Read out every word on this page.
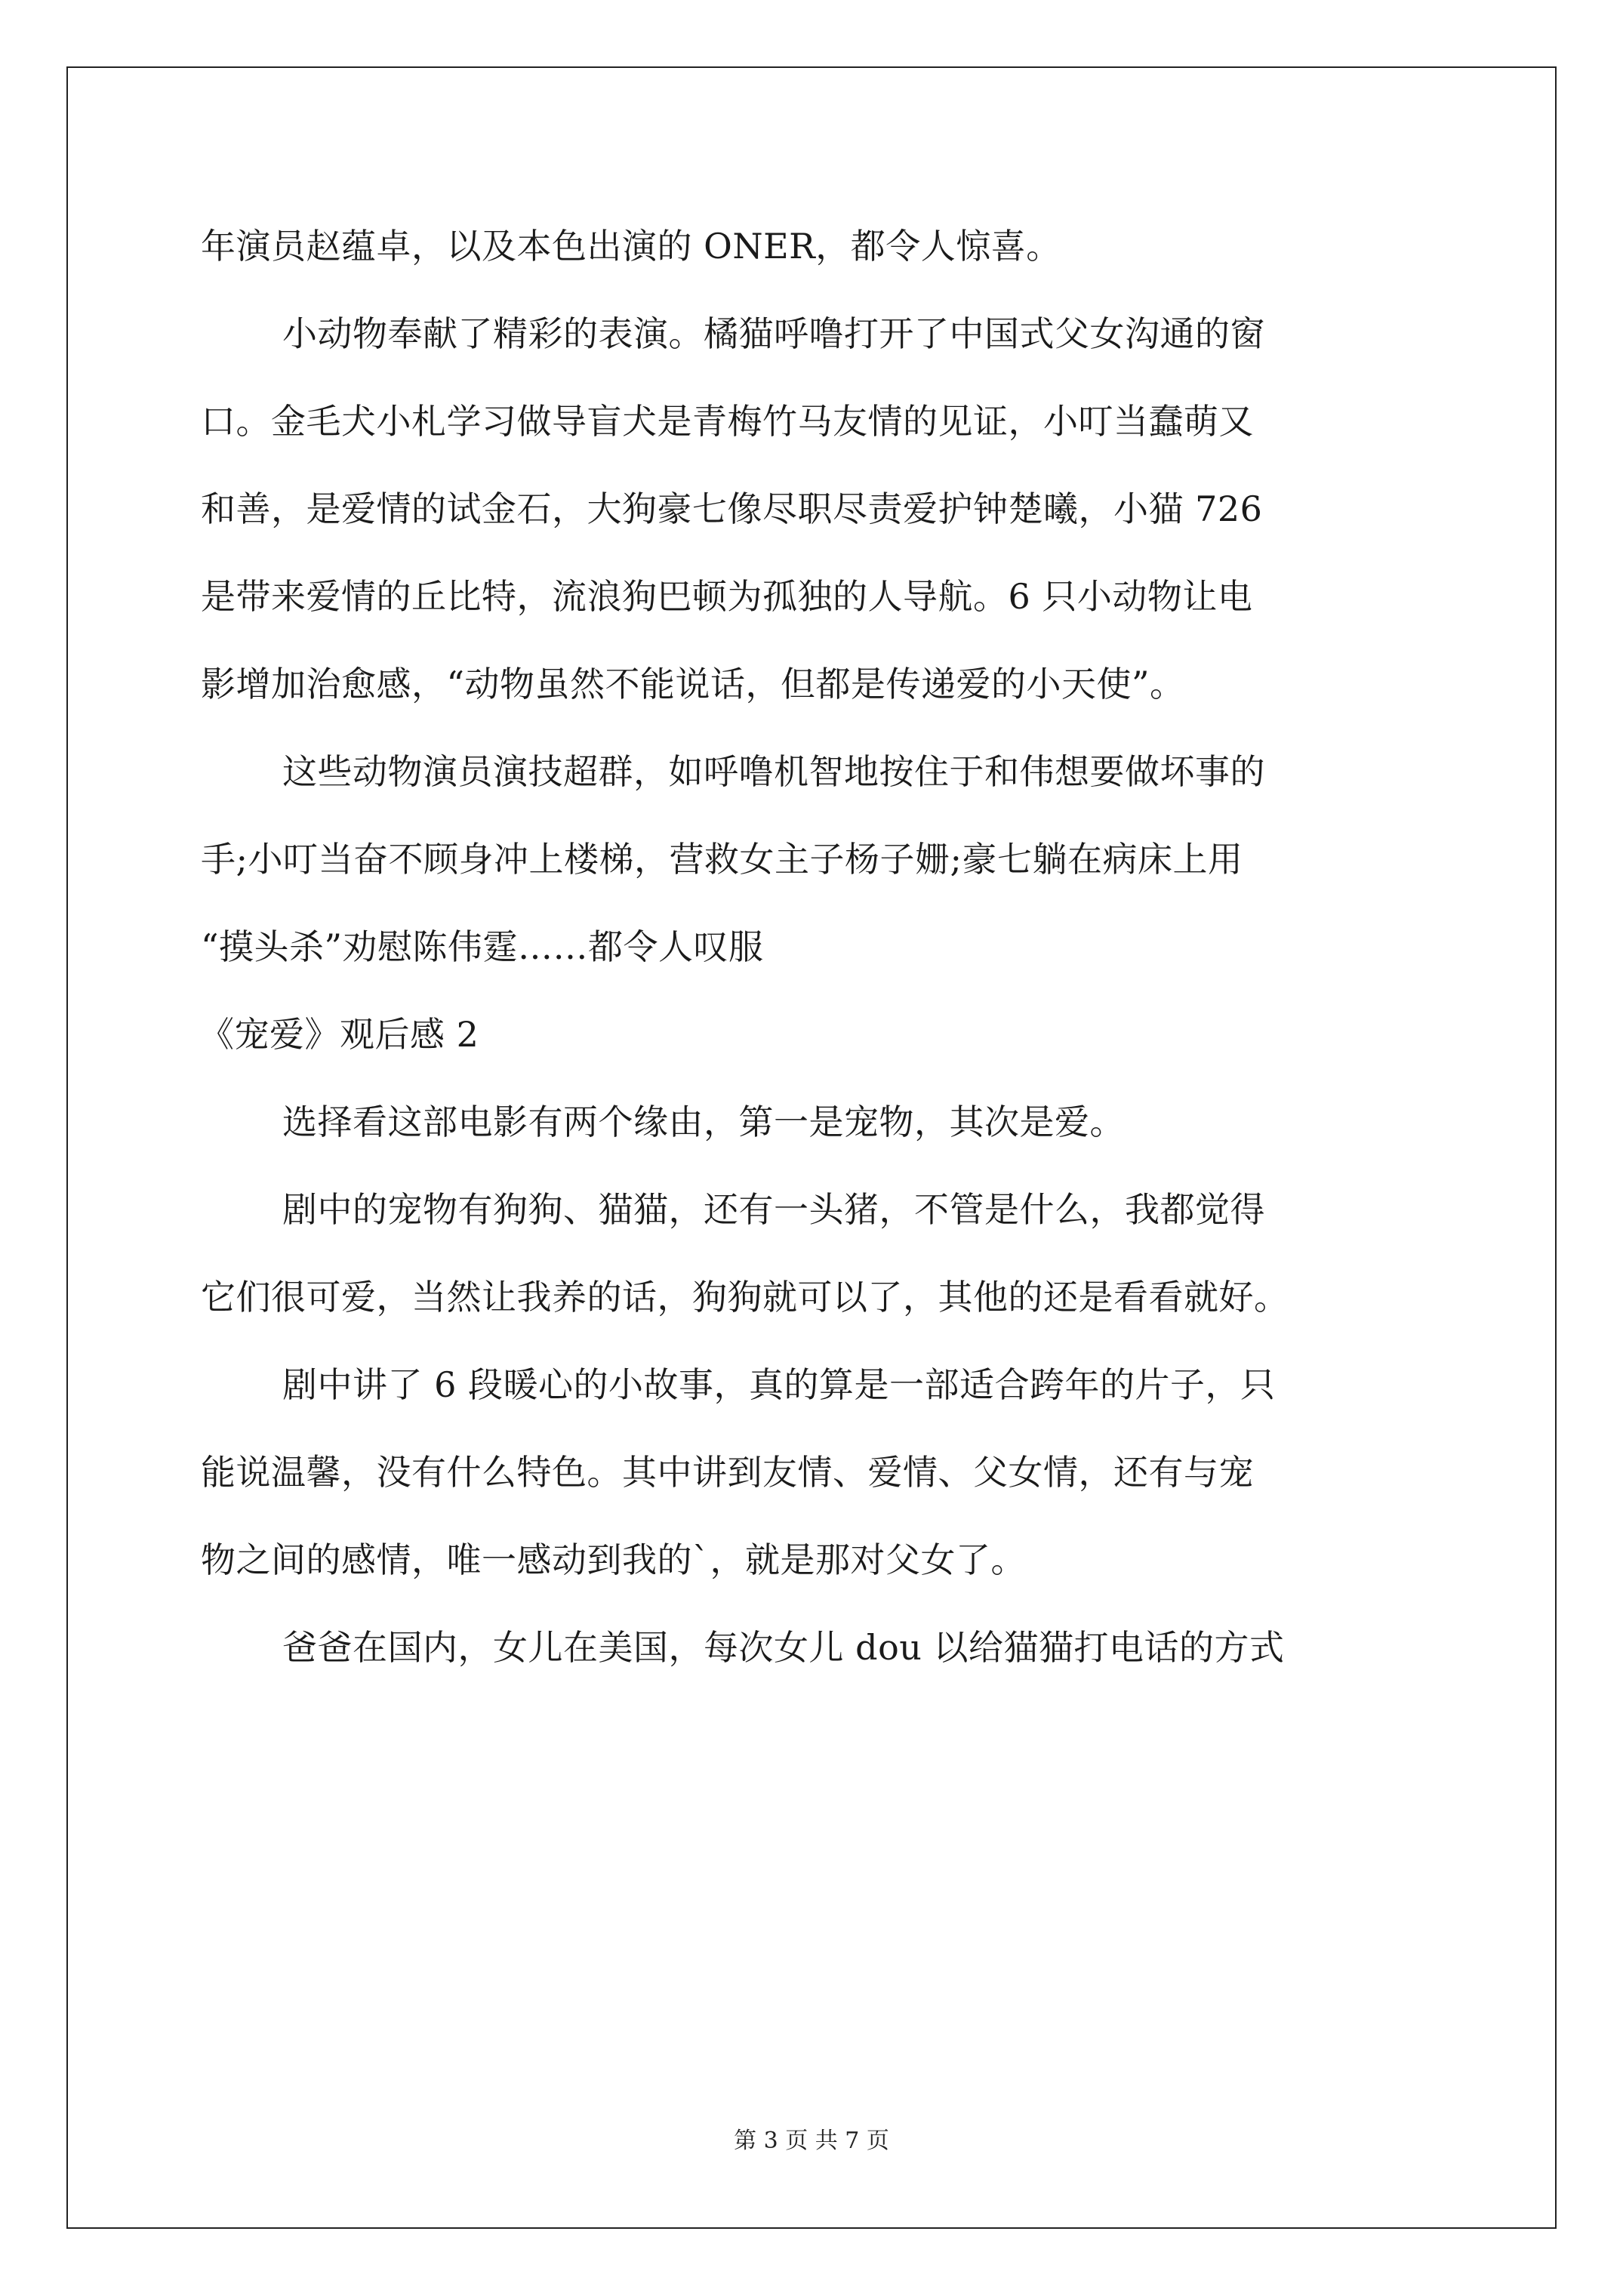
年演员赵蕴卓，以及本色出演的 ONER，都令人惊喜。
小动物奉献了精彩的表演。橘猫呼噜打开了中国式父女沟通的窗
口。金毛犬小札学习做导盲犬是青梅竹马友情的见证，小叮当蠢萌又
和善，是爱情的试金石，大狗豪七像尽职尽责爱护钟楚曦，小猫 726
是带来爱情的丘比特，流浪狗巴顿为孤独的人导航。6 只小动物让电
影增加治愈感，“动物虽然不能说话，但都是传递爱的小天使”。
这些动物演员演技超群，如呼噜机智地按住于和伟想要做坏事的
手;小叮当奋不顾身冲上楼梯，营救女主子杨子姗;豪七躺在病床上用
“摸头杀”劝慰陈伟霆……都令人叹服
《宠爱》观后感 2
选择看这部电影有两个缘由，第一是宠物，其次是爱。
剧中的宠物有狗狗、猫猫，还有一头猪，不管是什么，我都觉得
它们很可爱，当然让我养的话，狗狗就可以了，其他的还是看看就好。
剧中讲了 6 段暖心的小故事，真的算是一部适合跨年的片子，只
能说温馨，没有什么特色。其中讲到友情、爱情、父女情，还有与宠
物之间的感情，唯一感动到我的`，就是那对父女了。
爸爸在国内，女儿在美国，每次女儿 dou 以给猫猫打电话的方式
第 3 页 共 7 页
